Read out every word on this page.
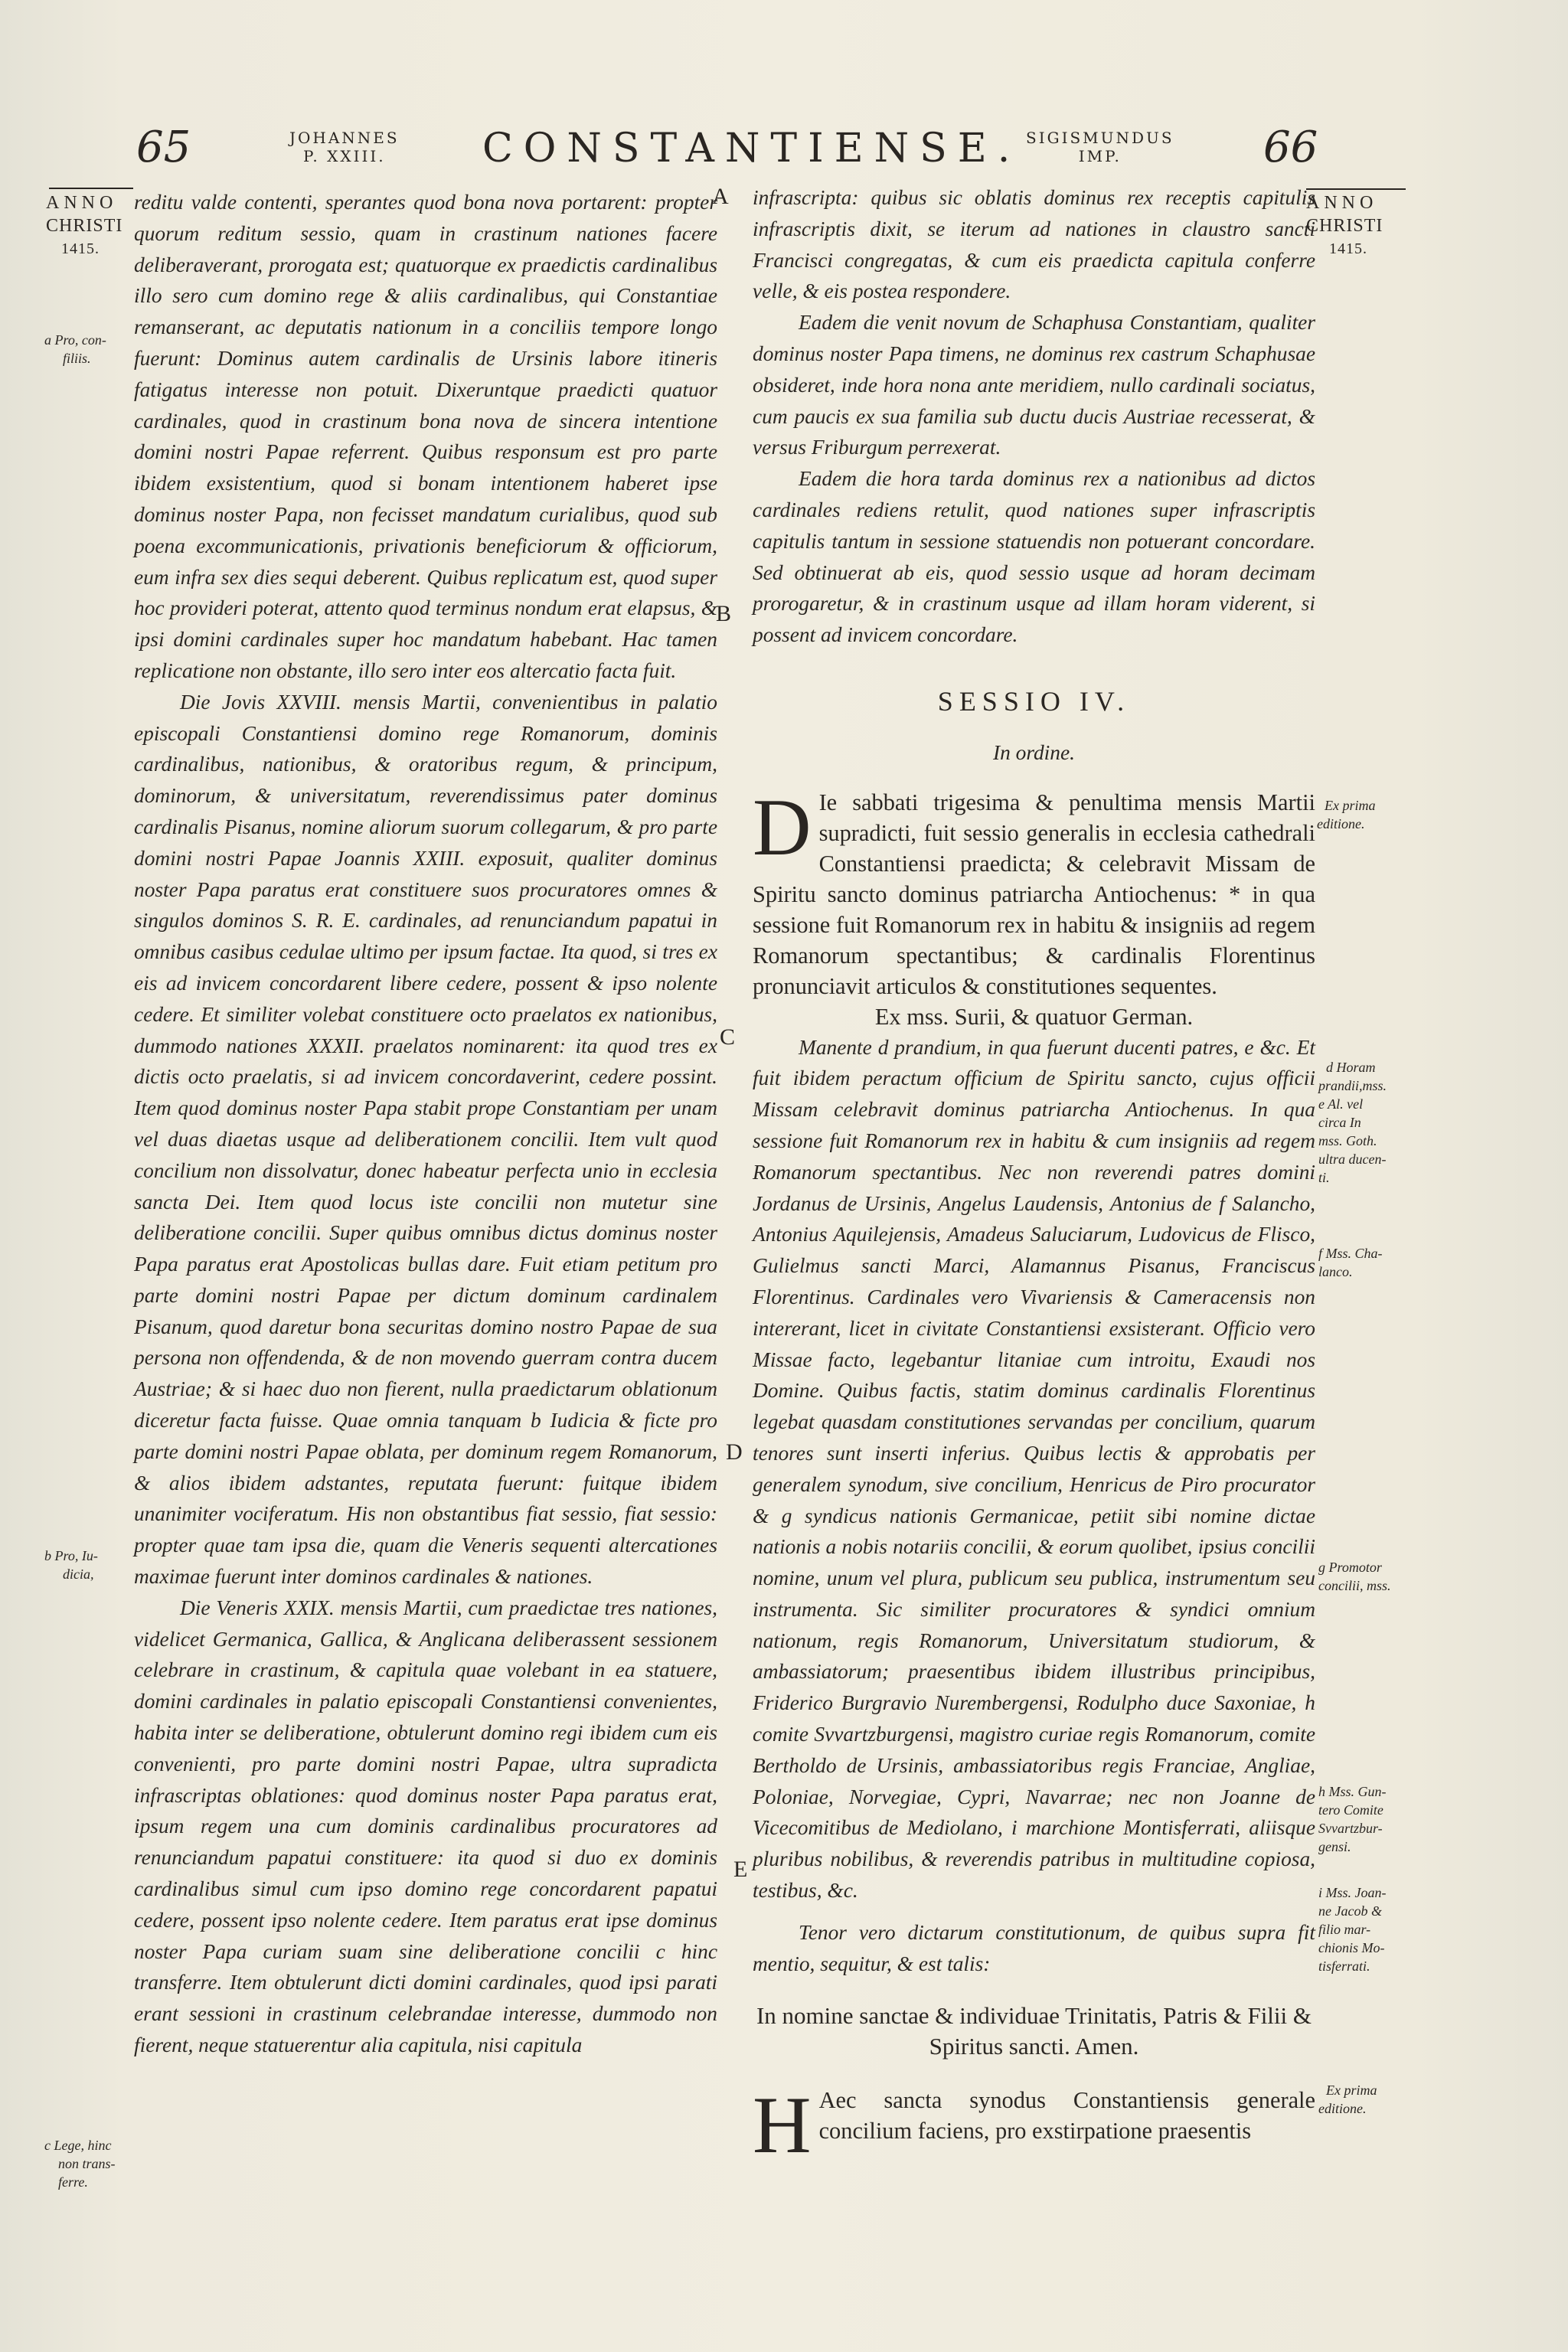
65	JOHANNES
P. XXIII.	CONSTANTIENSE. SIGISMUNDUS
IMP.	66
ANNO
CHRISTI
1415.
a Pro, con-
filiis.
b Pro, Iu-
dicia,
c Lege, hinc
non trans-
ferre.
A
B
C
D
E
ANNO
CHRISTI
1415.
Ex prima
editione.
d Horam
prandii,mss.
e Al. vel
circa In
mss. Goth.
ultra ducen-
ti.
f Mss. Cha-
lanco.
g Promotor
concilii, mss.
h Mss. Gun-
tero Comite
Svvartzbur-
gensi.
i Mss. Joan-
ne Jacob &
filio mar-
chionis Mo-
tisferrati.
Ex prima
editione.

reditu valde contenti, sperantes quod bona nova portarent: propter quorum reditum sessio, quam in crastinum nationes facere deliberaverant, prorogata est; quatuorque ex praedictis cardinalibus illo sero cum domino rege & aliis cardinalibus, qui Constantiae remanserant, ac deputatis nationum in a conciliis tempore longo fuerunt: Dominus autem cardinalis de Ursinis labore itineris fatigatus interesse non potuit. Dixeruntque praedicti quatuor cardinales, quod in crastinum bona nova de sincera intentione domini nostri Papae referrent. Quibus responsum est pro parte ibidem exsistentium, quod si bonam intentionem haberet ipse dominus noster Papa, non fecisset mandatum curialibus, quod sub poena excommunicationis, privationis beneficiorum & officiorum, eum infra sex dies sequi deberent. Quibus replicatum est, quod super hoc provideri poterat, attento quod terminus nondum erat elapsus, & ipsi domini cardinales super hoc mandatum habebant. Hac tamen replicatione non obstante, illo sero inter eos altercatio facta fuit.

Die Jovis XXVIII. mensis Martii, convenientibus in palatio episcopali Constantiensi domino rege Romanorum, dominis cardinalibus, nationibus, & oratoribus regum, & principum, dominorum, & universitatum, reverendissimus pater dominus cardinalis Pisanus, nomine aliorum suorum collegarum, & pro parte domini nostri Papae Joannis XXIII. exposuit, qualiter dominus noster Papa paratus erat constituere suos procuratores omnes & singulos dominos S. R. E. cardinales, ad renunciandum papatui in omnibus casibus cedulae ultimo per ipsum factae. Ita quod, si tres ex eis ad invicem concordarent libere cedere, possent & ipso nolente cedere. Et similiter volebat constituere octo praelatos ex nationibus, dummodo nationes XXXII. praelatos nominarent: ita quod tres ex dictis octo praelatis, si ad invicem concordaverint, cedere possint. Item quod dominus noster Papa stabit prope Constantiam per unam vel duas diaetas usque ad deliberationem concilii. Item vult quod concilium non dissolvatur, donec habeatur perfecta unio in ecclesia sancta Dei. Item quod locus iste concilii non mutetur sine deliberatione concilii. Super quibus omnibus dictus dominus noster Papa paratus erat Apostolicas bullas dare. Fuit etiam petitum pro parte domini nostri Papae per dictum dominum cardinalem Pisanum, quod daretur bona securitas domino nostro Papae de sua persona non offendenda, & de non movendo guerram contra ducem Austriae; & si haec duo non fierent, nulla praedictarum oblationum diceretur facta fuisse. Quae omnia tanquam b Iudicia & ficte pro parte domini nostri Papae oblata, per dominum regem Romanorum, & alios ibidem adstantes, reputata fuerunt: fuitque ibidem unanimiter vociferatum. His non obstantibus fiat sessio, fiat sessio: propter quae tam ipsa die, quam die Veneris sequenti altercationes maximae fuerunt inter dominos cardinales & nationes.

Die Veneris XXIX. mensis Martii, cum praedictae tres nationes, videlicet Germanica, Gallica, & Anglicana deliberassent sessionem celebrare in crastinum, & capitula quae volebant in ea statuere, domini cardinales in palatio episcopali Constantiensi convenientes, habita inter se deliberatione, obtulerunt domino regi ibidem cum eis convenienti, pro parte domini nostri Papae, ultra supradicta infrascriptas oblationes: quod dominus noster Papa paratus erat, ipsum regem una cum dominis cardinalibus procuratores ad renunciandum papatui constituere: ita quod si duo ex dominis cardinalibus simul cum ipso domino rege concordarent papatui cedere, possent ipso nolente cedere. Item paratus erat ipse dominus noster Papa curiam suam sine deliberatione concilii c hinc transferre. Item obtulerunt dicti domini cardinales, quod ipsi parati erant sessioni in crastinum celebrandae interesse, dummodo non fierent, neque statuerentur alia capitula, nisi capitula

infrascripta: quibus sic oblatis dominus rex receptis capitulis infrascriptis dixit, se iterum ad nationes in claustro sancti Francisci congregatas, & cum eis praedicta capitula conferre velle, & eis postea respondere.

Eadem die venit novum de Schaphusa Constantiam, qualiter dominus noster Papa timens, ne dominus rex castrum Schaphusae obsideret, inde hora nona ante meridiem, nullo cardinali sociatus, cum paucis ex sua familia sub ductu ducis Austriae recesserat, & versus Friburgum perrexerat.

Eadem die hora tarda dominus rex a nationibus ad dictos cardinales rediens retulit, quod nationes super infrascriptis capitulis tantum in sessione statuendis non potuerant concordare. Sed obtinuerat ab eis, quod sessio usque ad horam decimam prorogaretur, & in crastinum usque ad illam horam viderent, si possent ad invicem concordare.

SESSIO IV.
In ordine.
D Ie sabbati trigesima & penultima mensis Martii supradicti, fuit sessio generalis in ecclesia cathedrali Constantiensi praedicta; & celebravit Missam de Spiritu sancto dominus patriarcha Antiochenus: * in qua sessione fuit Romanorum rex in habitu & insigniis ad regem Romanorum spectantibus; & cardinalis Florentinus pronunciavit articulos & constitutiones sequentes.
Ex mss. Surii, & quatuor German.

Manente d prandium, in qua fuerunt ducenti patres, e &c. Et fuit ibidem peractum officium de Spiritu sancto, cujus officii Missam celebravit dominus patriarcha Antiochenus. In qua sessione fuit Romanorum rex in habitu & cum insigniis ad regem Romanorum spectantibus. Nec non reverendi patres domini Jordanus de Ursinis, Angelus Laudensis, Antonius de f Salancho, Antonius Aquilejensis, Amadeus Saluciarum, Ludovicus de Flisco, Gulielmus sancti Marci, Alamannus Pisanus, Franciscus Florentinus. Cardinales vero Vivariensis & Cameracensis non intererant, licet in civitate Constantiensi exsisterant. Officio vero Missae facto, legebantur litaniae cum introitu, Exaudi nos Domine. Quibus factis, statim dominus cardinalis Florentinus legebat quasdam constitutiones servandas per concilium, quarum tenores sunt inserti inferius. Quibus lectis & approbatis per generalem synodum, sive concilium, Henricus de Piro procurator & g syndicus nationis Germanicae, petiit sibi nomine dictae nationis a nobis notariis concilii, & eorum quolibet, ipsius concilii nomine, unum vel plura, publicum seu publica, instrumentum seu instrumenta. Sic similiter procuratores & syndici omnium nationum, regis Romanorum, Universitatum studiorum, & ambassiatorum; praesentibus ibidem illustribus principibus, Friderico Burgravio Nurembergensi, Rodulpho duce Saxoniae, h comite Svvartzburgensi, magistro curiae regis Romanorum, comite Bertholdo de Ursinis, ambassiatoribus regis Franciae, Angliae, Poloniae, Norvegiae, Cypri, Navarrae; nec non Joanne de Vicecomitibus de Mediolano, i marchione Montisferrati, aliisque pluribus nobilibus, & reverendis patribus in multitudine copiosa, testibus, &c.

Tenor vero dictarum constitutionum, de quibus supra fit mentio, sequitur, & est talis:

In nomine sanctae & individuae Trinitatis, Patris & Filii & Spiritus sancti. Amen.
H Aec sancta synodus Constantiensis generale concilium faciens, pro exstirpatione praesentis
